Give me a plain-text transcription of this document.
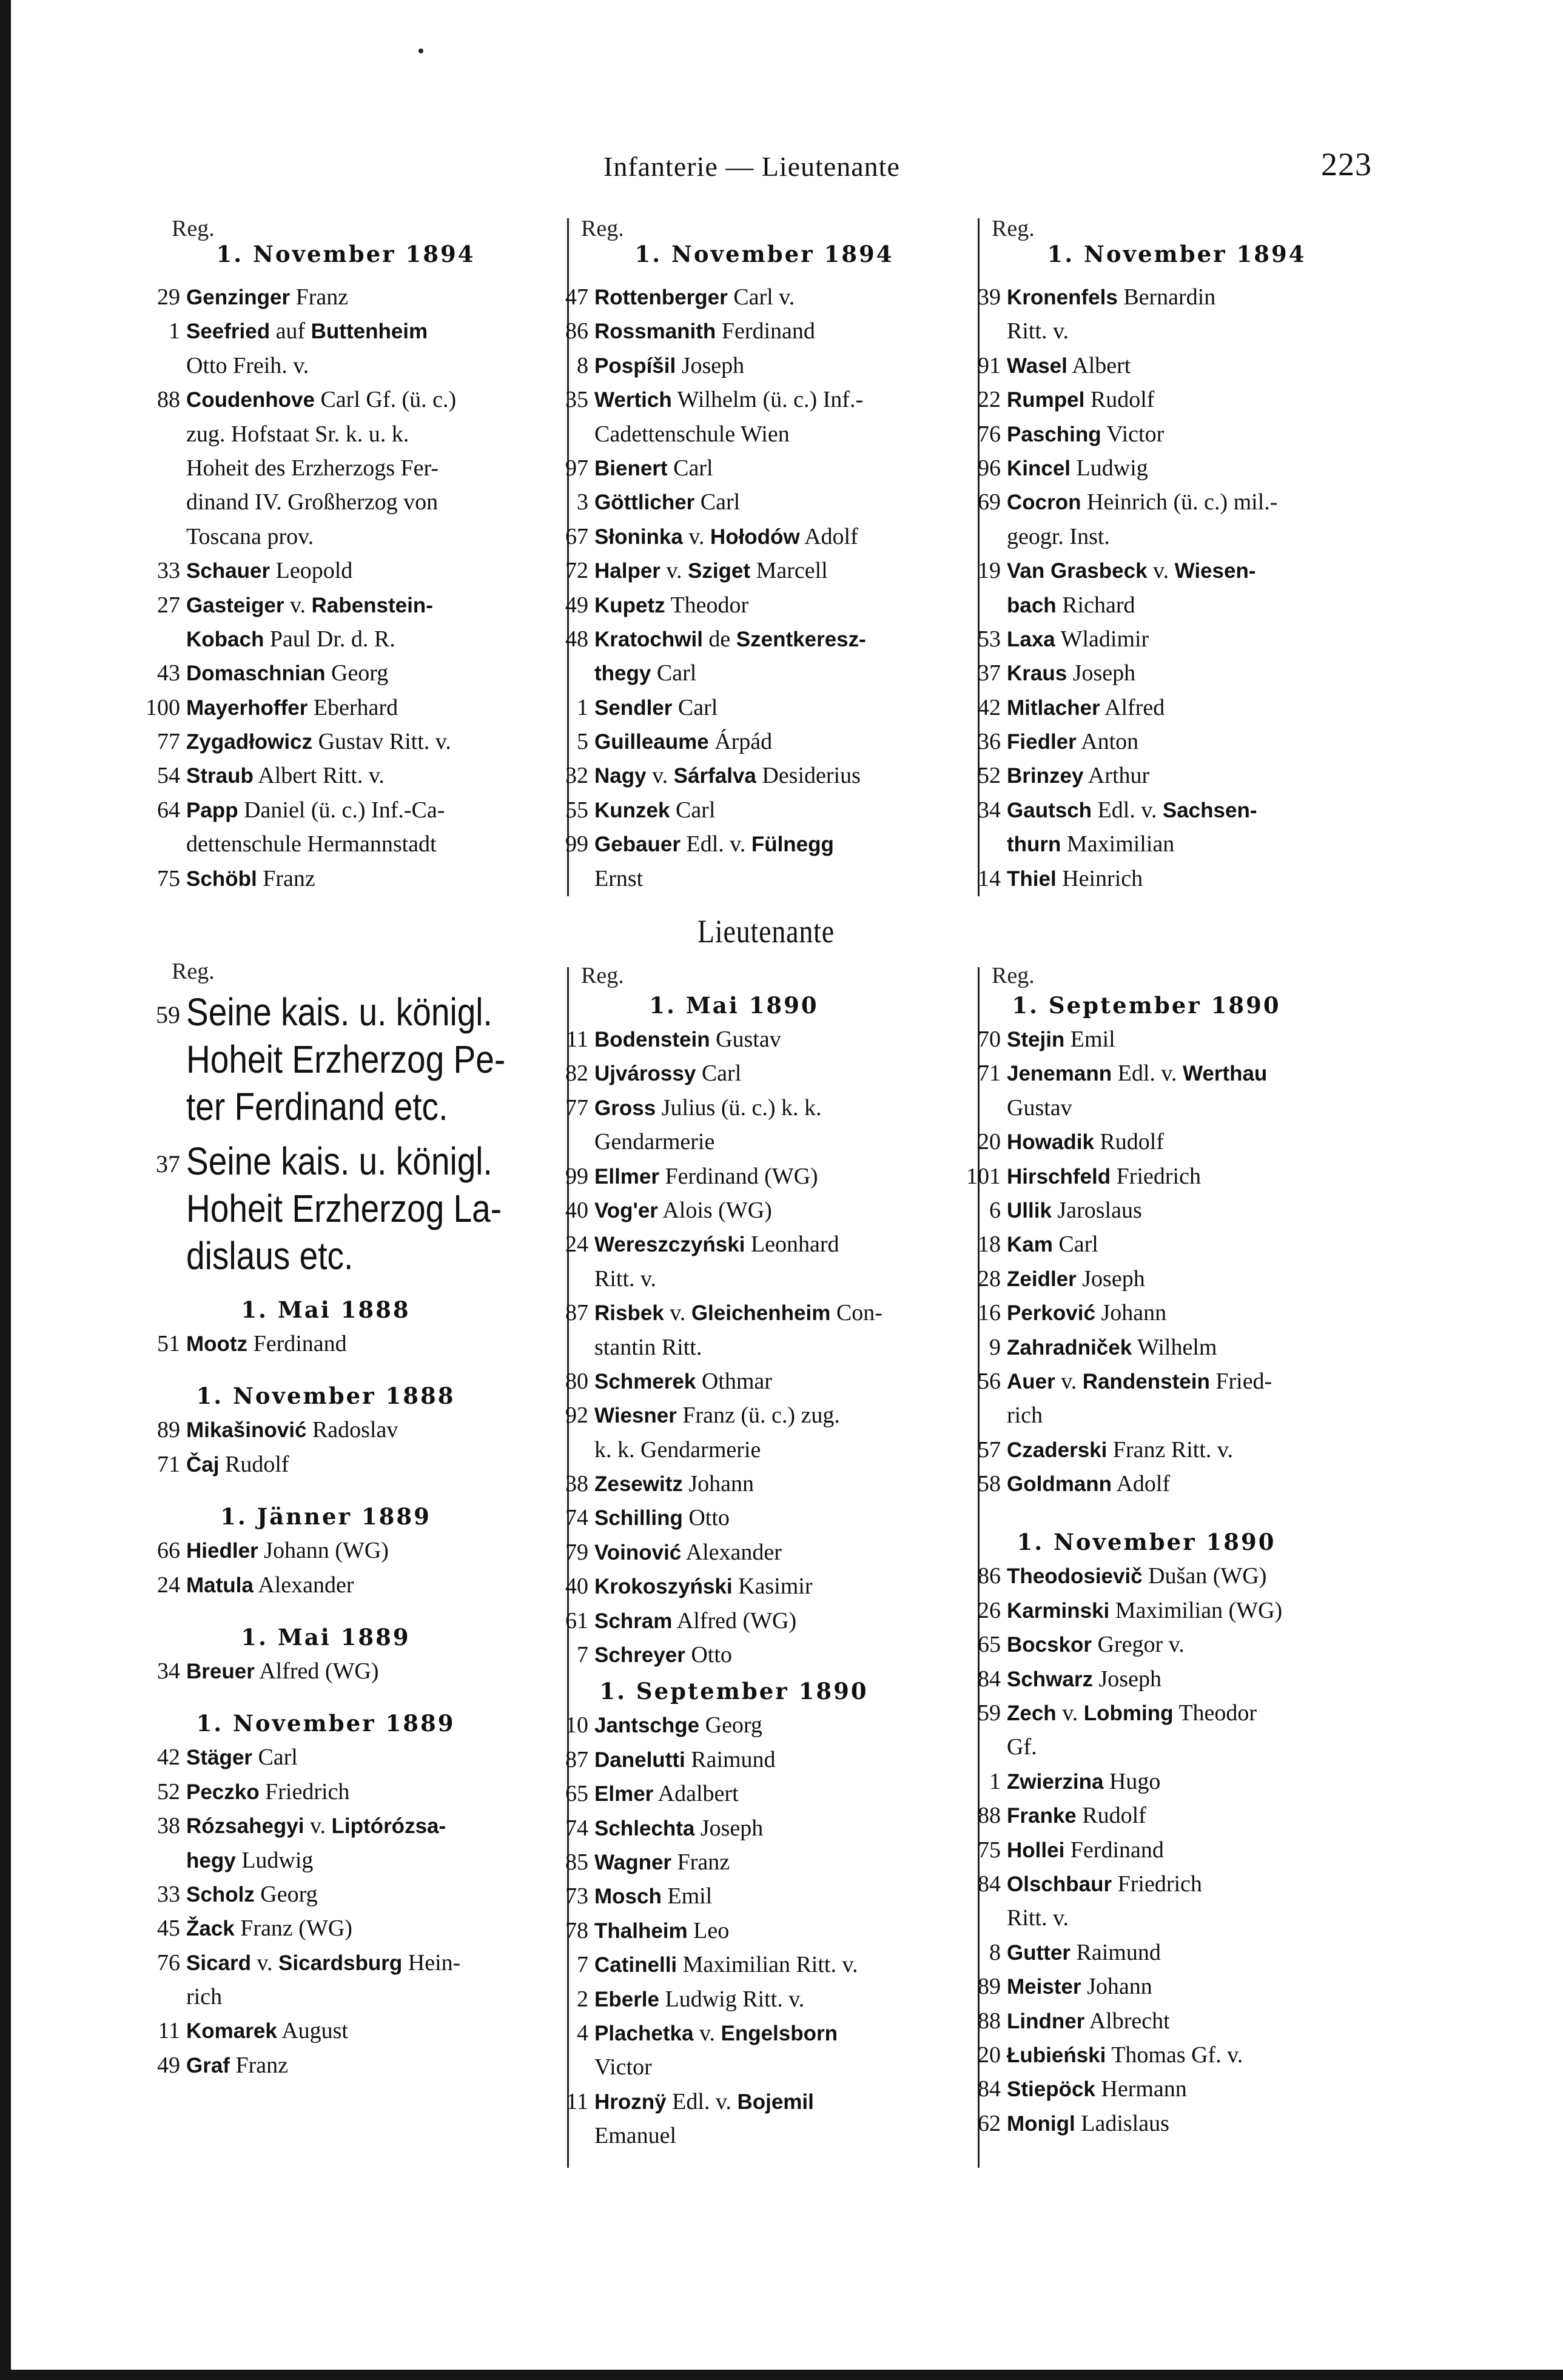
Infanterie — Lieutenante	223
Reg.	Reg.	Reg.
1. November 1894	1. November 1894	1. November 1894
29 Genzinger Franz
1 Seefried auf Buttenheim
Otto Freih. v.
88 Coudenhove Carl Gf. (ü. c.)
zug. Hofstaat Sr. k. u. k.
Hoheit des Erzherzogs Fer-
dinand IV. Großherzog von
Toscana prov.
33 Schauer Leopold
27 Gasteiger v. Rabenstein-
Kobach Paul Dr. d. R.
43 Domaschnian Georg
100 Mayerhoffer Eberhard
77 Zygadłowicz Gustav Ritt. v.
54 Straub Albert Ritt. v.
64 Papp Daniel (ü. c.) Inf.-Ca-
dettenschule Hermannstadt
75 Schöbl Franz
47 Rottenberger Carl v.
86 Rossmanith Ferdinand
8 Pospíšil Joseph
35 Wertich Wilhelm (ü. c.) Inf.-
Cadettenschule Wien
97 Bienert Carl
3 Göttlicher Carl
67 Słoninka v. Hołodów Adolf
72 Halper v. Sziget Marcell
49 Kupetz Theodor
48 Kratochwil de Szentkeresz-
thegy Carl
1 Sendler Carl
5 Guilleaume Árpád
32 Nagy v. Sárfalva Desiderius
55 Kunzek Carl
99 Gebauer Edl. v. Fülnegg
Ernst
39 Kronenfels Bernardin
Ritt. v.
91 Wasel Albert
22 Rumpel Rudolf
76 Pasching Victor
96 Kincel Ludwig
69 Cocron Heinrich (ü. c.) mil.-
geogr. Inst.
19 Van Grasbeck v. Wiesen-
bach Richard
53 Laxa Wladimir
37 Kraus Joseph
42 Mitlacher Alfred
36 Fiedler Anton
52 Brinzey Arthur
34 Gautsch Edl. v. Sachsen-
thurn Maximilian
14 Thiel Heinrich
Lieutenante
Reg.	Reg.	Reg.
59 Seine kais. u. königl. Hoheit Erzherzog Pe-ter Ferdinand etc.
37 Seine kais. u. königl. Hoheit Erzherzog La-dislaus etc.
1. Mai 1888
51 Mootz Ferdinand
1. November 1888
89 Mikašinović Radoslav
71 Čaj Rudolf
1. Jänner 1889
66 Hiedler Johann (WG)
24 Matula Alexander
1. Mai 1889
34 Breuer Alfred (WG)
1. November 1889
42 Stäger Carl
52 Peczko Friedrich
38 Rózsahegyi v. Liptórózsa-
hegy Ludwig
33 Scholz Georg
45 Žack Franz (WG)
76 Sicard v. Sicardsburg Hein-
rich
11 Komarek August
49 Graf Franz
1. Mai 1890
11 Bodenstein Gustav
82 Ujvárossy Carl
77 Gross Julius (ü. c.) k. k.
Gendarmerie
99 Ellmer Ferdinand (WG)
40 Vog'er Alois (WG)
24 Wereszczyński Leonhard
Ritt. v.
87 Risbek v. Gleichenheim Con-
stantin Ritt.
80 Schmerek Othmar
92 Wiesner Franz (ü. c.) zug.
k. k. Gendarmerie
38 Zesewitz Johann
74 Schilling Otto
79 Voinović Alexander
40 Krokoszyński Kasimir
61 Schram Alfred (WG)
7 Schreyer Otto
1. September 1890
10 Jantschge Georg
87 Danelutti Raimund
65 Elmer Adalbert
74 Schlechta Joseph
85 Wagner Franz
73 Mosch Emil
78 Thalheim Leo
7 Catinelli Maximilian Ritt. v.
2 Eberle Ludwig Ritt. v.
4 Plachetka v. Engelsborn
Victor
11 Hroznÿ Edl. v. Bojemil
Emanuel
1. September 1890
70 Stejin Emil
71 Jenemann Edl. v. Werthau
Gustav
20 Howadik Rudolf
101 Hirschfeld Friedrich
6 Ullik Jaroslaus
18 Kam Carl
28 Zeidler Joseph
16 Perković Johann
9 Zahradniček Wilhelm
56 Auer v. Randenstein Fried-
rich
57 Czaderski Franz Ritt. v.
58 Goldmann Adolf
1. November 1890
86 Theodosievič Dušan (WG)
26 Karminski Maximilian (WG)
65 Bocskor Gregor v.
84 Schwarz Joseph
59 Zech v. Lobming Theodor
Gf.
1 Zwierzina Hugo
88 Franke Rudolf
75 Hollei Ferdinand
84 Olschbaur Friedrich
Ritt. v.
8 Gutter Raimund
89 Meister Johann
88 Lindner Albrecht
20 Łubieński Thomas Gf. v.
84 Stiepöck Hermann
62 Monigl Ladislaus
